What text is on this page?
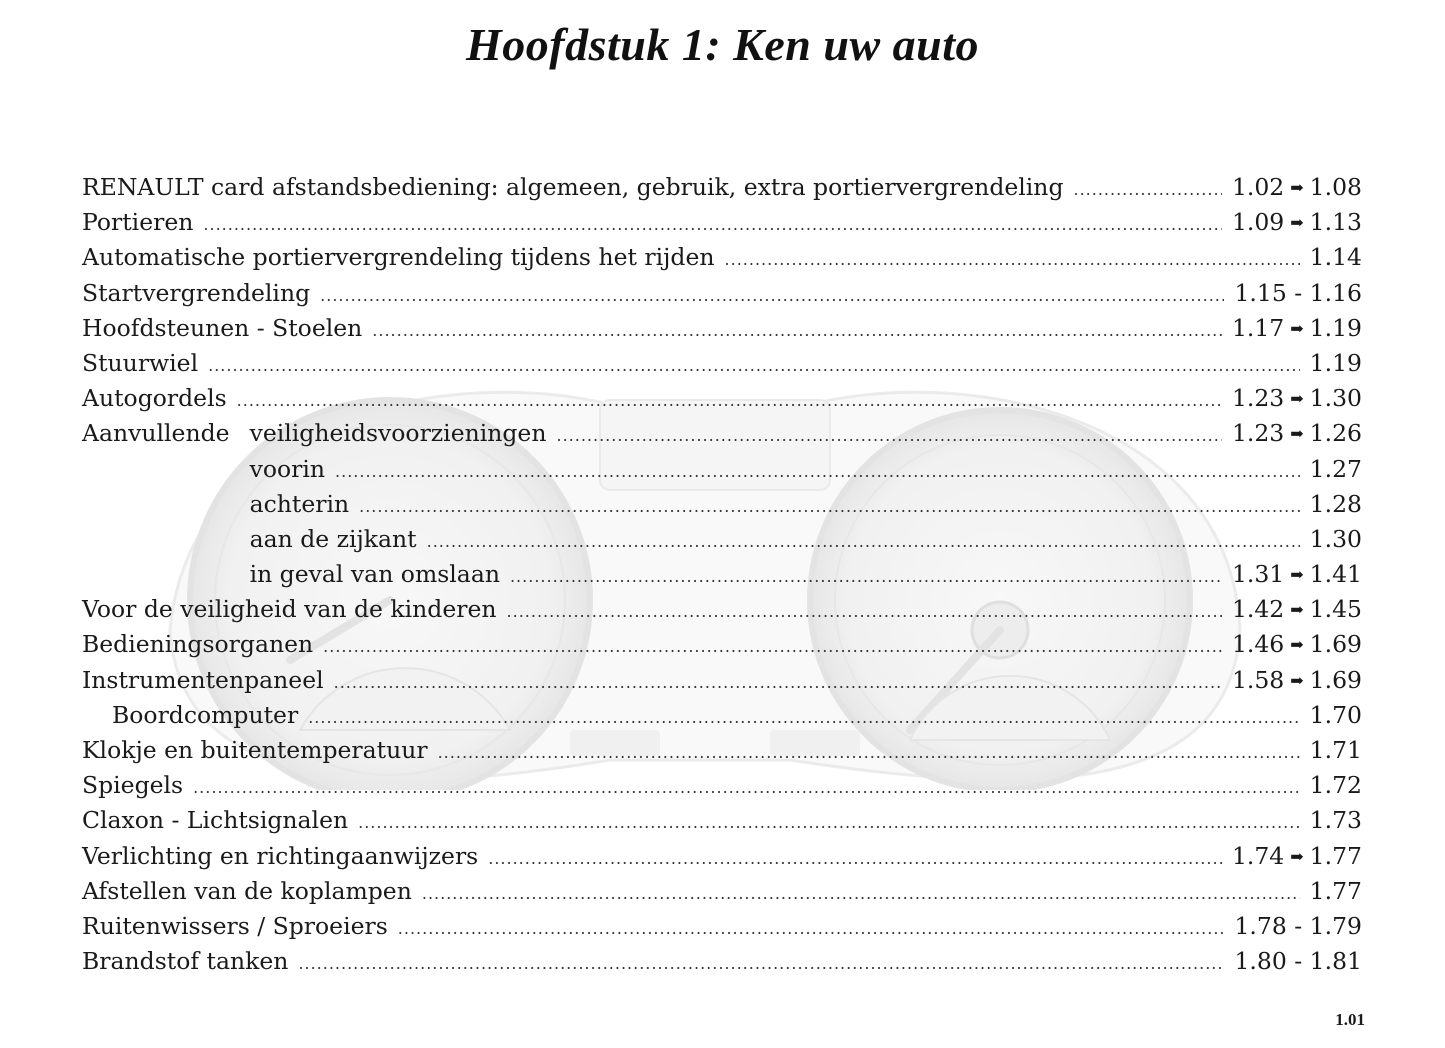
Hoofdstuk 1: Ken uw auto
RENAULT card afstandsbediening: algemeen, gebruik, extra portiervergrendeling .....	1.02 ➡ 1.08
Portieren .....	1.09 ➡ 1.13
Automatische portiervergrendeling tijdens het rijden .....	1.14
Startvergrendeling .....	1.15 - 1.16
Hoofdsteunen - Stoelen .....	1.17 ➡ 1.19
Stuurwiel .....	1.19
Autogordels .....	1.23 ➡ 1.30
Aanvullende veiligheidsvoorzieningen .....	1.23 ➡ 1.26
voorin .....	1.27
achterin .....	1.28
aan de zijkant .....	1.30
in geval van omslaan .....	1.31 ➡ 1.41
Voor de veiligheid van de kinderen .....	1.42 ➡ 1.45
Bedieningsorganen .....	1.46 ➡ 1.69
Instrumentenpaneel .....	1.58 ➡ 1.69
Boordcomputer .....	1.70
Klokje en buitentemperatuur .....	1.71
Spiegels .....	1.72
Claxon - Lichtsignalen .....	1.73
Verlichting en richtingaanwijzers .....	1.74 ➡ 1.77
Afstellen van de koplampen .....	1.77
Ruitenwissers / Sproeiers .....	1.78 - 1.79
Brandstof tanken .....	1.80 - 1.81
1.01
